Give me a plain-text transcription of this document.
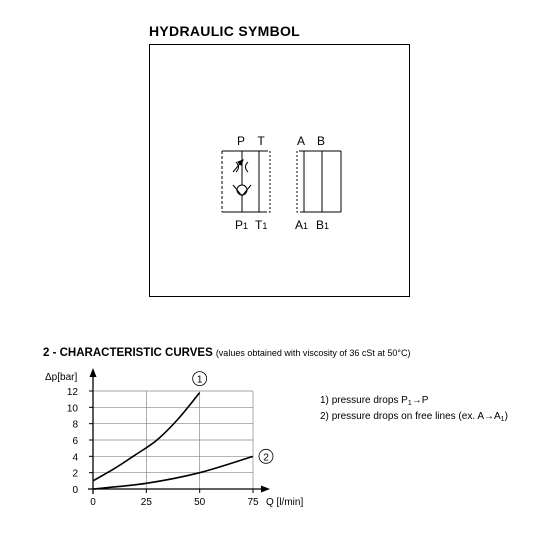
HYDRAULIC SYMBOL
P T	A B
P1 T1 A1 B1
2 - CHARACTERISTIC CURVES (values obtained with viscosity of 36 cSt at 50°C)
0
2
4
6
8
10
12
0	25	50	75
1
2
Δp[bar]
Q [l/min]
1) pressure drops $P_1\to P$
2) pressure drops on free lines (ex. $A\to A_1$)
